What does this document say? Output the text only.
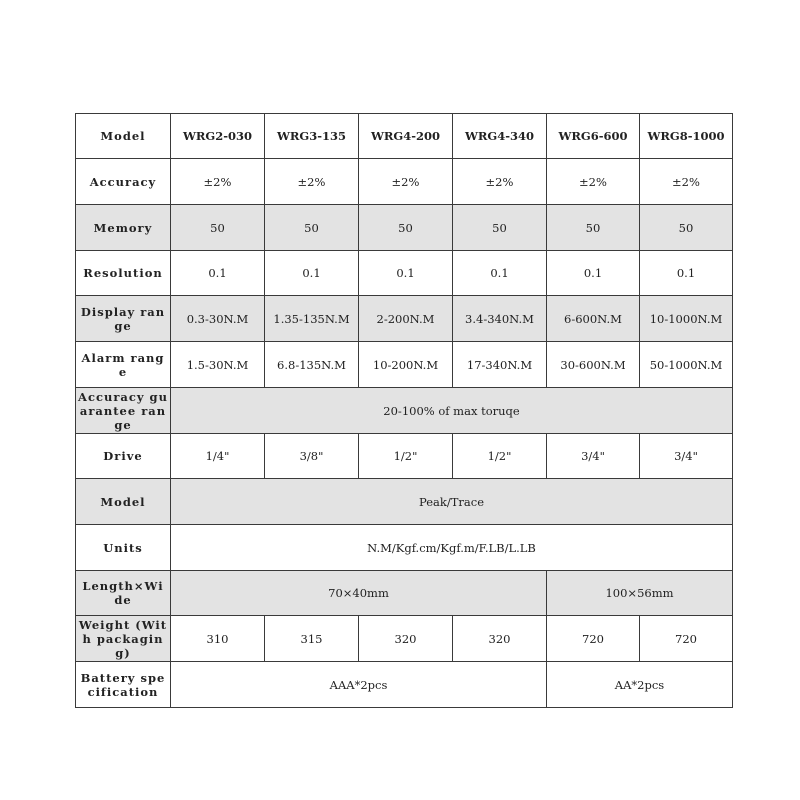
Model	WRG2-030	WRG3-135	WRG4-200	WRG4-340	WRG6-600	WRG8-1000
Accuracy	±2%	±2%	±2%	±2%	±2%	±2%
Memory	50	50	50	50	50	50
Resolution	0.1	0.1	0.1	0.1	0.1	0.1
Display range	0.3-30N.M	1.35-135N.M	2-200N.M	3.4-340N.M	6-600N.M	10-1000N.M
Alarm range	1.5-30N.M	6.8-135N.M	10-200N.M	17-340N.M	30-600N.M	50-1000N.M
Accuracy guarantee range	20-100% of max toruqe					
Drive	1/4"	3/8"	1/2"	1/2"	3/4"	3/4"
Model	Peak/Trace					
Units	N.M/Kgf.cm/Kgf.m/F.LB/L.LB					
Length×Wide	70×40mm				100×56mm	
Weight (With packaging)	310	315	320	320	720	720
Battery specification	AAA*2pcs				AA*2pcs	
